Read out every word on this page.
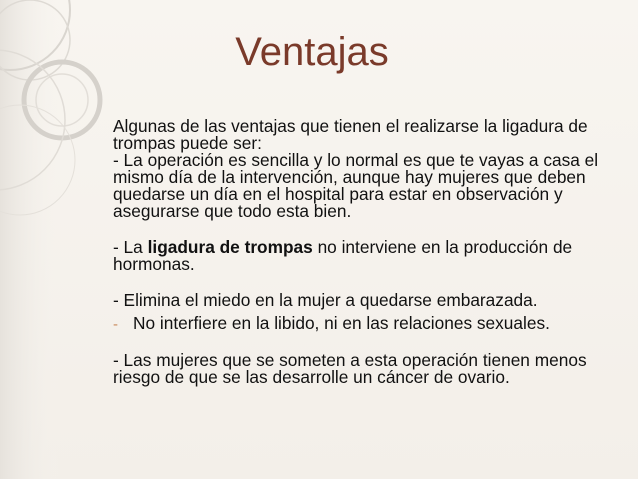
Ventajas

Algunas de las ventajas que tienen el realizarse la ligadura de trompas puede ser:

- La operación es sencilla y lo normal es que te vayas a casa el mismo día de la intervención, aunque hay mujeres que deben quedarse un día en el hospital para estar en observación y asegurarse que todo esta bien.

- La ligadura de trompas no interviene en la producción de hormonas.

- Elimina el miedo en la mujer a quedarse embarazada.

- No interfiere en la libido, ni en las relaciones sexuales.

- Las mujeres que se someten a esta operación tienen menos riesgo de que se las desarrolle un cáncer de ovario.
